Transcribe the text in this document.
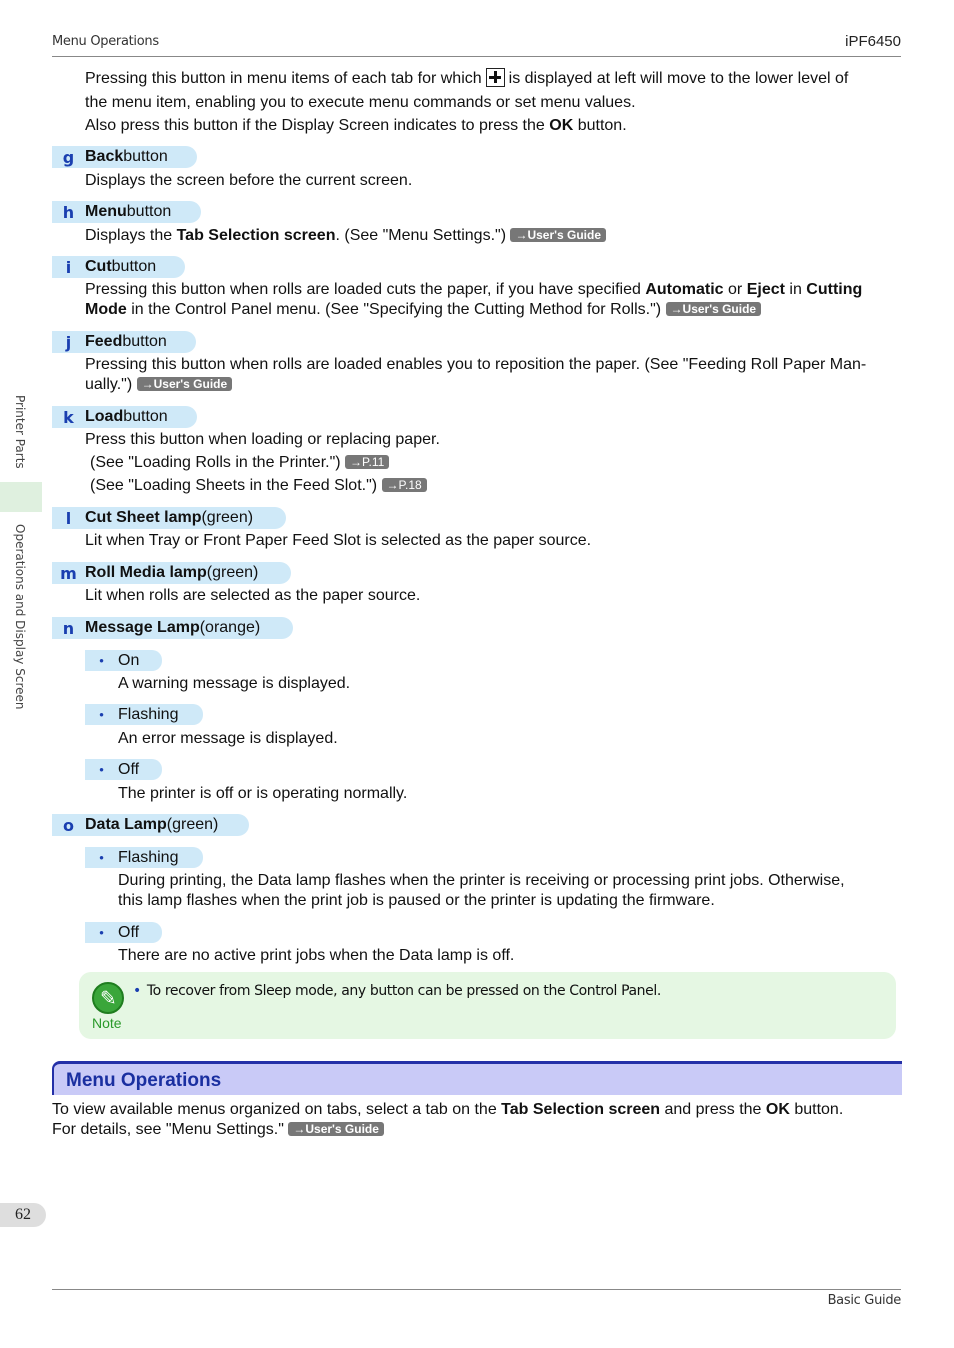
Menu Operations	iPF6450
Printer Parts
Operations and Display Screen
Pressing this button in menu items of each tab for which is displayed at left will move to the lower level of
the menu item, enabling you to execute menu commands or set menu values.
Also press this button if the Display Screen indicates to press the OK button.
g Back button
Displays the screen before the current screen.
h Menu button
Displays the Tab Selection screen. (See "Menu Settings.") →User's Guide
i Cut button
Pressing this button when rolls are loaded cuts the paper, if you have specified Automatic or Eject in Cutting
Mode in the Control Panel menu. (See "Specifying the Cutting Method for Rolls.") →User's Guide
j Feed button
Pressing this button when rolls are loaded enables you to reposition the paper. (See "Feeding Roll Paper Man-
ually.") →User's Guide
k Load button
Press this button when loading or replacing paper.
(See "Loading Rolls in the Printer.") →P.11
(See "Loading Sheets in the Feed Slot.") →P.18
l Cut Sheet lamp (green)
Lit when Tray or Front Paper Feed Slot is selected as the paper source.
m Roll Media lamp (green)
Lit when rolls are selected as the paper source.
n Message Lamp (orange)
• On
A warning message is displayed.
• Flashing
An error message is displayed.
• Off
The printer is off or is operating normally.
o Data Lamp (green)
• Flashing
During printing, the Data lamp flashes when the printer is receiving or processing print jobs. Otherwise,
this lamp flashes when the print job is paused or the printer is updating the firmware.
• Off
There are no active print jobs when the Data lamp is off.
✎
Note
• To recover from Sleep mode, any button can be pressed on the Control Panel.
Menu Operations
To view available menus organized on tabs, select a tab on the Tab Selection screen and press the OK button.
For details, see "Menu Settings." →User's Guide
62
Basic Guide
